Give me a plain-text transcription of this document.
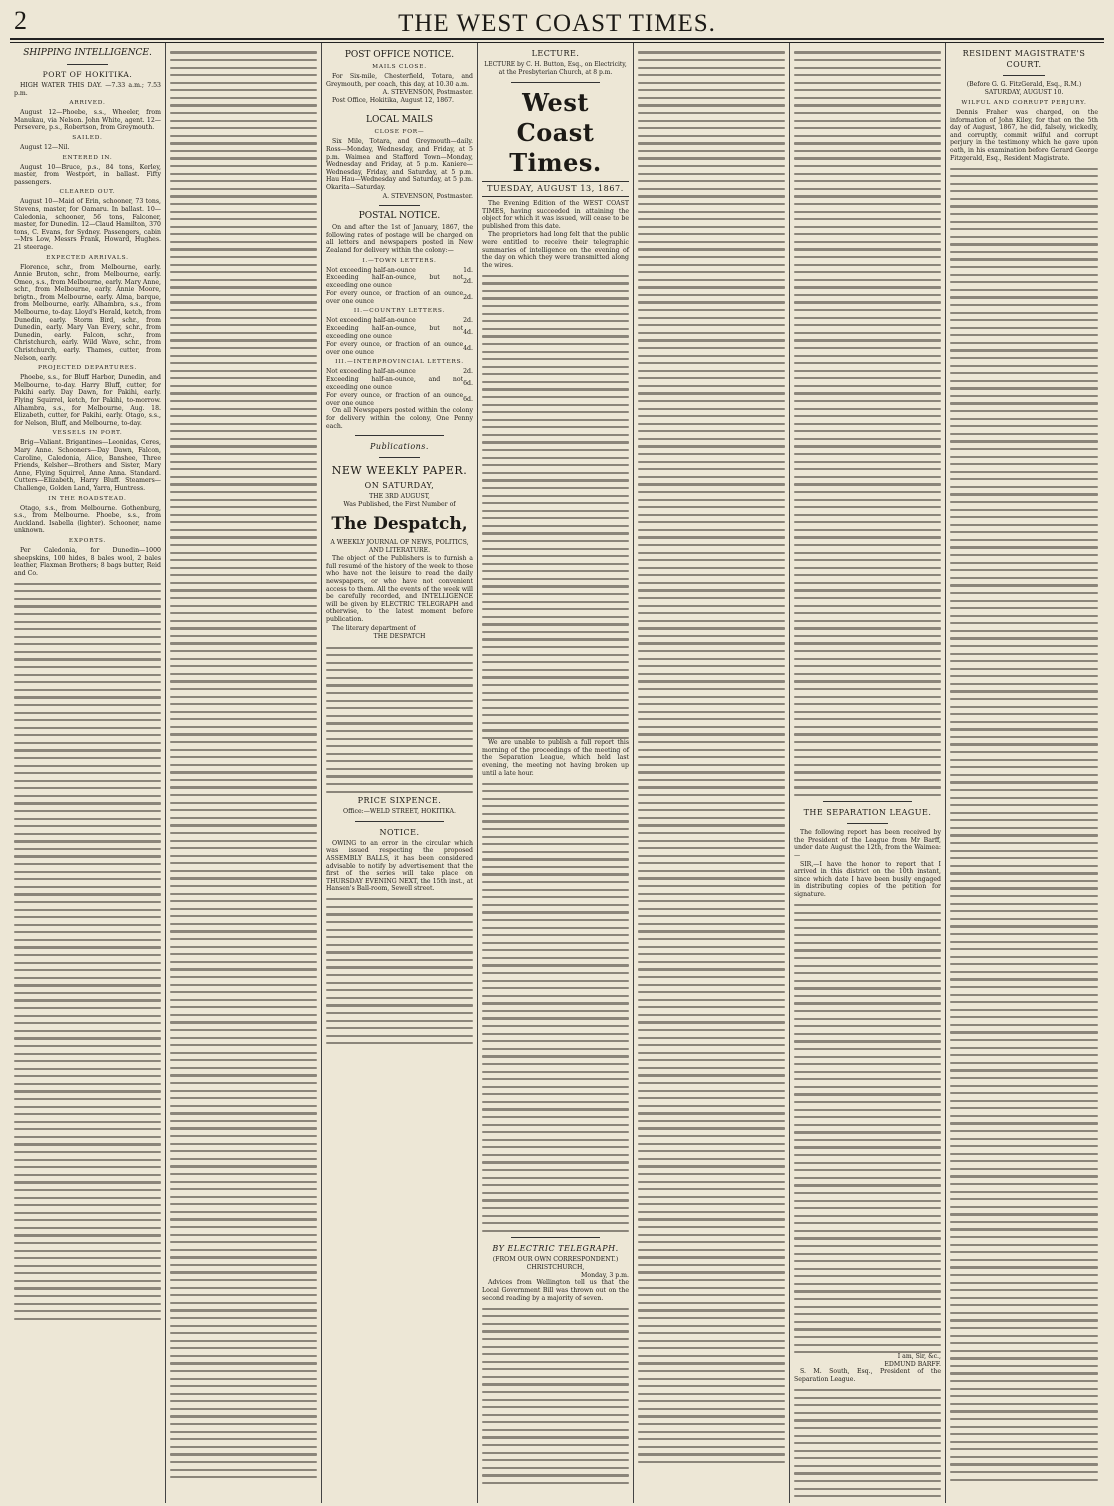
2	THE WEST COAST TIMES.
SHIPPING INTELLIGENCE.
PORT OF HOKITIKA.
HIGH WATER THIS DAY. —7.33 a.m.; 7.53 p.m.
ARRIVED.
August 12—Phoebe, s.s., Wheeler, from Manukau, via Nelson. John White, agent. 12—Persevere, p.s., Robertson, from Greymouth.
SAILED.
August 12—Nil.
ENTERED IN.
August 10—Bruce, p.s., 84 tons, Kerley, master, from Westport, in ballast. Fifty passengers.
CLEARED OUT.
August 10—Maid of Erin, schooner, 73 tons, Stevens, master, for Oamaru. In ballast. 10—Caledonia, schooner, 56 tons, Falconer, master, for Dunedin. 12—Claud Hamilton, 370 tons, C. Evans, for Sydney. Passengers, cabin—Mrs Low, Messrs Frank, Howard, Hughes. 21 steerage.
EXPECTED ARRIVALS.
Florence, schr., from Melbourne, early. Annie Bruton, schr., from Melbourne, early. Omeo, s.s., from Melbourne, early. Mary Anne, schr., from Melbourne, early. Annie Moore, brigtn., from Melbourne, early. Alma, barque, from Melbourne, early. Alhambra, s.s., from Melbourne, to-day. Lloyd's Herald, ketch, from Dunedin, early. Storm Bird, schr., from Dunedin, early. Mary Van Every, schr., from Dunedin, early. Falcon, schr., from Christchurch, early. Wild Wave, schr., from Christchurch, early. Thames, cutter, from Nelson, early.
PROJECTED DEPARTURES.
Phoebe, s.s., for Bluff Harbor, Dunedin, and Melbourne, to-day. Harry Bluff, cutter, for Pakihi early. Day Dawn, for Pakihi, early. Flying Squirrel, ketch, for Pakihi, to-morrow. Alhambra, s.s., for Melbourne, Aug. 18. Elizabeth, cutter, for Pakihi, early. Otago, s.s., for Nelson, Bluff, and Melbourne, to-day.
VESSELS IN PORT.
Brig—Valiant. Brigantines—Leonidas, Ceres, Mary Anne. Schooners—Day Dawn, Falcon, Caroline, Caledonia, Alice, Banshee, Three Friends, Kelsher—Brothers and Sister, Mary Anne, Flying Squirrel, Anne Anna. Standard. Cutters—Elizabeth, Harry Bluff. Steamers—Challenge, Golden Land, Yarra, Huntress.
IN THE ROADSTEAD.
Otago, s.s., from Melbourne. Gothenburg, s.s., from Melbourne. Phoebe, s.s., from Auckland. Isabella (lighter). Schooner, name unknown.
EXPORTS.
Per Caledonia, for Dunedin—1000 sheepskins, 100 hides, 8 bales wool, 2 bales leather, Flaxman Brothers; 8 bags butter, Reid and Co.
POST OFFICE NOTICE.
MAILS CLOSE.
For Six-mile, Chesterfield, Totara, and Greymouth, per coach, this day, at 10.30 a.m.
A. STEVENSON, Postmaster.
Post Office, Hokitika, August 12, 1867.
LOCAL MAILS
CLOSE FOR—
Six Mile, Totara, and Greymouth—daily. Ross—Monday, Wednesday, and Friday, at 5 p.m. Waimea and Stafford Town—Monday, Wednesday and Friday, at 5 p.m. Kaniere—Wednesday, Friday, and Saturday, at 5 p.m. Hau Hau—Wednesday and Saturday, at 5 p.m. Okarita—Saturday.
A. STEVENSON, Postmaster.
POSTAL NOTICE.
On and after the 1st of January, 1867, the following rates of postage will be charged on all letters and newspapers posted in New Zealand for delivery within the colony:—
I.—TOWN LETTERS.
Not exceeding half-an-ounce	1d.
Exceeding half-an-ounce, but not exceeding one ounce	2d.
For every ounce, or fraction of an ounce over one ounce	2d.
II.—COUNTRY LETTERS.
Not exceeding half-an-ounce	2d.
Exceeding half-an-ounce, but not exceeding one ounce	4d.
For every ounce, or fraction of an ounce over one ounce	4d.
III.—INTERPROVINCIAL LETTERS.
Not exceeding half-an-ounce	2d.
Exceeding half-an-ounce, and not exceeding one ounce	6d.
For every ounce, or fraction of an ounce over one ounce	6d.
On all Newspapers posted within the colony for delivery within the colony, One Penny each.
Publications.
NEW WEEKLY PAPER.
ON SATURDAY,
THE 3RD AUGUST,
Was Published, the First Number of
The Despatch,
A WEEKLY JOURNAL OF NEWS, POLITICS, AND LITERATURE.
The object of the Publishers is to furnish a full resumé of the history of the week to those who have not the leisure to read the daily newspapers, or who have not convenient access to them. All the events of the week will be carefully recorded, and INTELLIGENCE will be given by ELECTRIC TELEGRAPH and otherwise, to the latest moment before publication.
The literary department of
THE DESPATCH
PRICE SIXPENCE.
Office:—WELD STREET, HOKITIKA.
NOTICE.
OWING to an error in the circular which was issued respecting the proposed ASSEMBLY BALLS, it has been considered advisable to notify by advertisement that the first of the series will take place on THURSDAY EVENING NEXT, the 15th inst., at Hansen's Ball-room, Sewell street.
LECTURE.
LECTURE by C. H. Button, Esq., on Electricity, at the Presbyterian Church, at 8 p.m.
West Coast Times.
TUESDAY, AUGUST 13, 1867.
The Evening Edition of the WEST COAST TIMES, having succeeded in attaining the object for which it was issued, will cease to be published from this date.
The proprietors had long felt that the public were entitled to receive their telegraphic summaries of intelligence on the evening of the day on which they were transmitted along the wires.
We are unable to publish a full report this morning of the proceedings of the meeting of the Separation League, which held last evening, the meeting not having broken up until a late hour.
BY ELECTRIC TELEGRAPH.
(FROM OUR OWN CORRESPONDENT.)
CHRISTCHURCH,
Monday, 3 p.m.
Advices from Wellington tell us that the Local Government Bill was thrown out on the second reading by a majority of seven.
THE SEPARATION LEAGUE.
The following report has been received by the President of the League from Mr Barff, under date August the 12th, from the Waimea:—
SIR,—I have the honor to report that I arrived in this district on the 10th instant, since which date I have been busily engaged in distributing copies of the petition for signature.
I am, Sir, &c.,
EDMUND BARFF.
S. M. South, Esq., President of the Separation League.
RESIDENT MAGISTRATE'S COURT.
(Before G. G. FitzGerald, Esq., R.M.)
SATURDAY, AUGUST 10.
WILFUL AND CORRUPT PERJURY.
Dennis Fraher was charged, on the information of John Kiley, for that on the 5th day of August, 1867, he did, falsely, wickedly, and corruptly, commit wilful and corrupt perjury in the testimony which he gave upon oath, in his examination before Gerard George Fitzgerald, Esq., Resident Magistrate.
